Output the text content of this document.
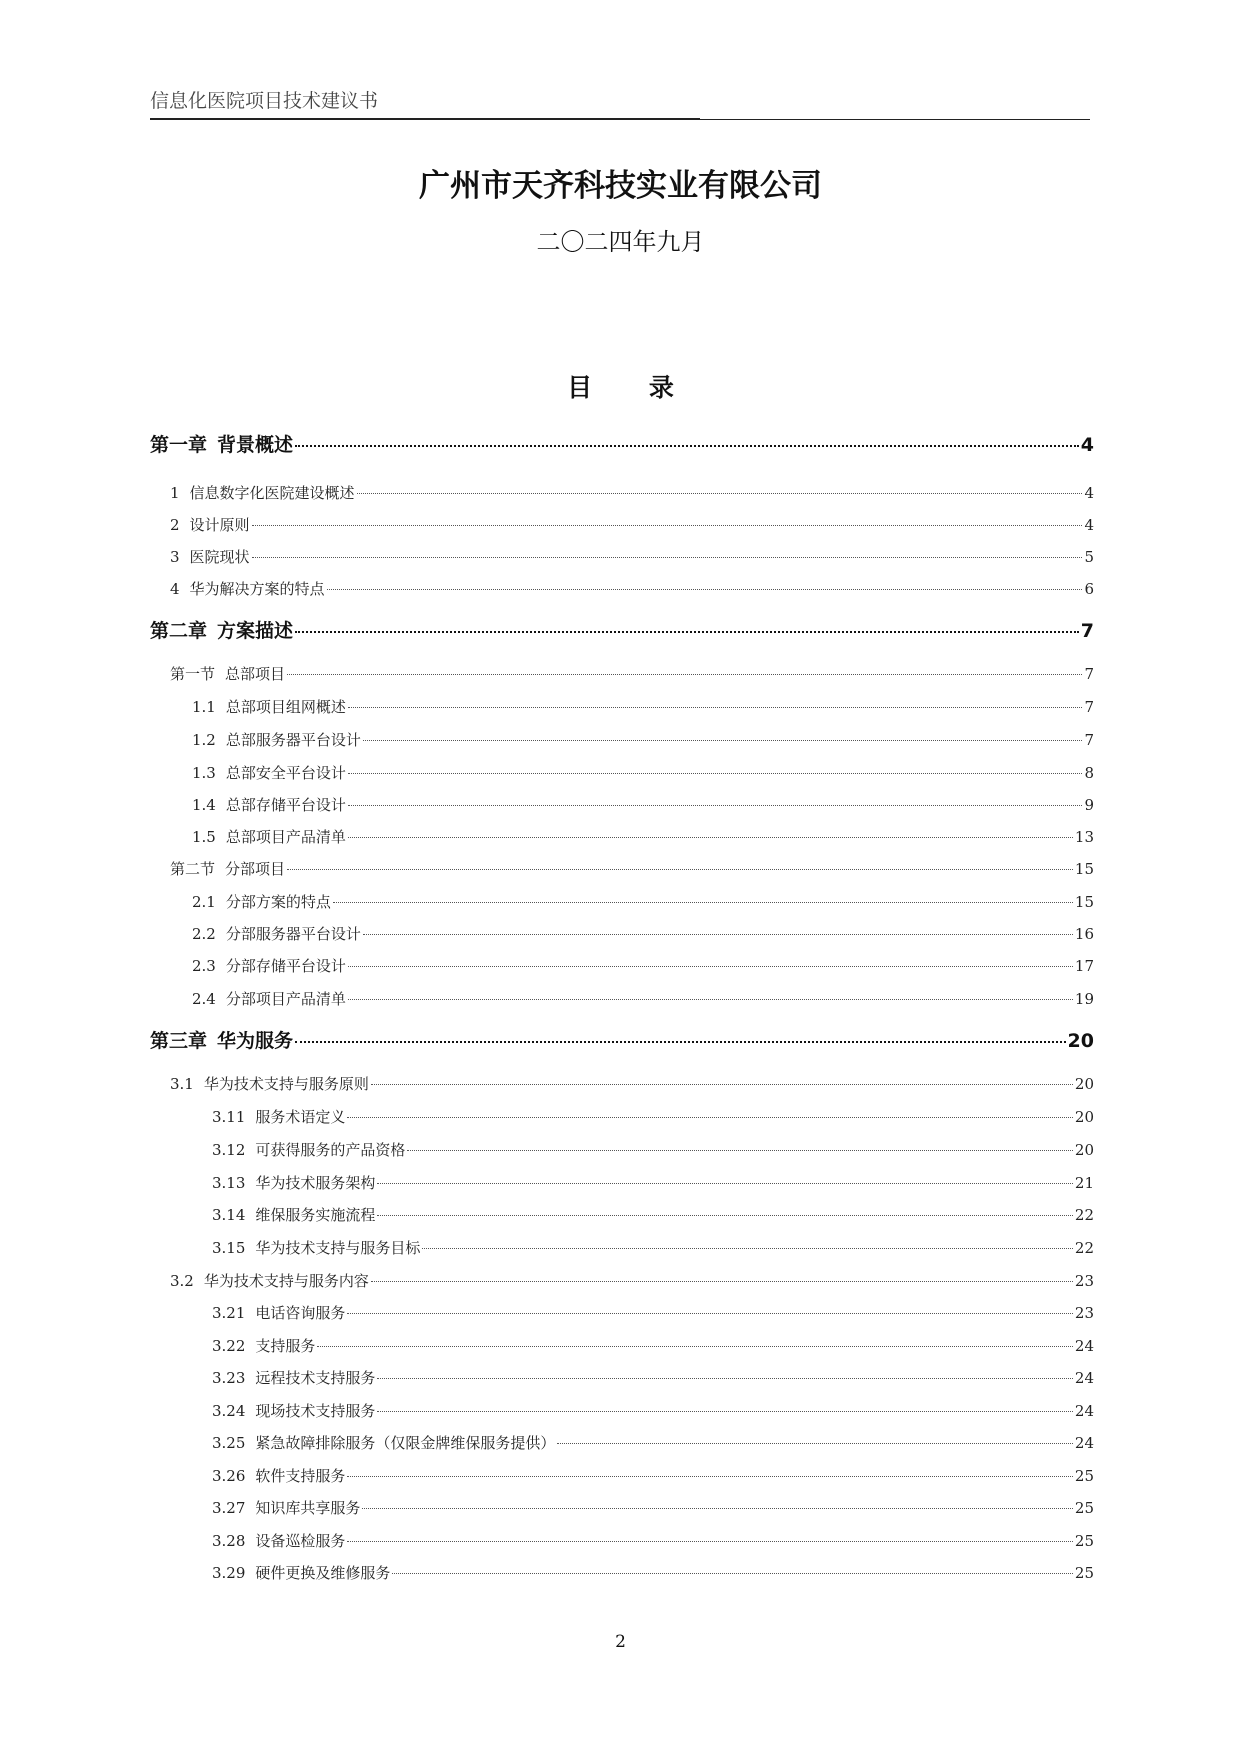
信息化医院项目技术建议书
广州市天齐科技实业有限公司
二〇二四年九月
目 录
第一章 背景概述	4
1 信息数字化医院建设概述	4
2 设计原则	4
3 医院现状	5
4 华为解决方案的特点	6
第二章 方案描述	7
第一节 总部项目	7
1.1 总部项目组网概述	7
1.2 总部服务器平台设计	7
1.3 总部安全平台设计	8
1.4 总部存储平台设计	9
1.5 总部项目产品清单	13
第二节 分部项目	15
2.1 分部方案的特点	15
2.2 分部服务器平台设计	16
2.3 分部存储平台设计	17
2.4 分部项目产品清单	19
第三章 华为服务	20
3.1 华为技术支持与服务原则	20
3.11 服务术语定义	20
3.12 可获得服务的产品资格	20
3.13 华为技术服务架构	21
3.14 维保服务实施流程	22
3.15 华为技术支持与服务目标	22
3.2 华为技术支持与服务内容	23
3.21 电话咨询服务	23
3.22 支持服务	24
3.23 远程技术支持服务	24
3.24 现场技术支持服务	24
3.25 紧急故障排除服务（仅限金牌维保服务提供）	24
3.26 软件支持服务	25
3.27 知识库共享服务	25
3.28 设备巡检服务	25
3.29 硬件更换及维修服务	25
2
